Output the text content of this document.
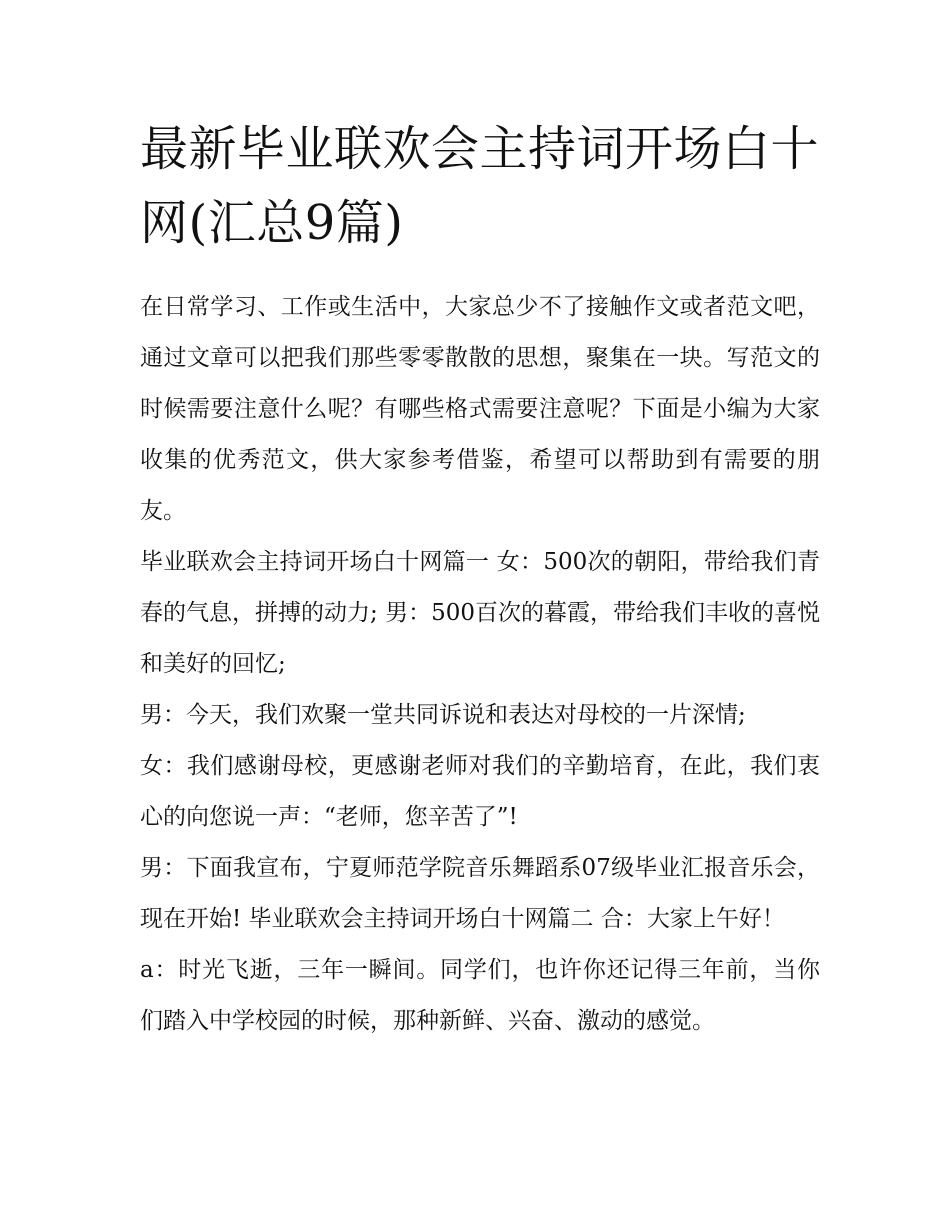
最新毕业联欢会主持词开场白十网(汇总9篇)

在日常学习、工作或生活中，大家总少不了接触作文或者范文吧，通过文章可以把我们那些零零散散的思想，聚集在一块。写范文的时候需要注意什么呢？有哪些格式需要注意呢？下面是小编为大家收集的优秀范文，供大家参考借鉴，希望可以帮助到有需要的朋友。

毕业联欢会主持词开场白十网篇一 女：500次的朝阳，带给我们青春的气息，拼搏的动力; 男：500百次的暮霞，带给我们丰收的喜悦和美好的回忆;

男：今天，我们欢聚一堂共同诉说和表达对母校的一片深情;

女：我们感谢母校，更感谢老师对我们的辛勤培育，在此，我们衷心的向您说一声：“老师，您辛苦了”!

男：下面我宣布，宁夏师范学院音乐舞蹈系07级毕业汇报音乐会，现在开始! 毕业联欢会主持词开场白十网篇二 合：大家上午好！

a：时光飞逝，三年一瞬间。同学们，也许你还记得三年前，当你们踏入中学校园的时候，那种新鲜、兴奋、激动的感觉。
